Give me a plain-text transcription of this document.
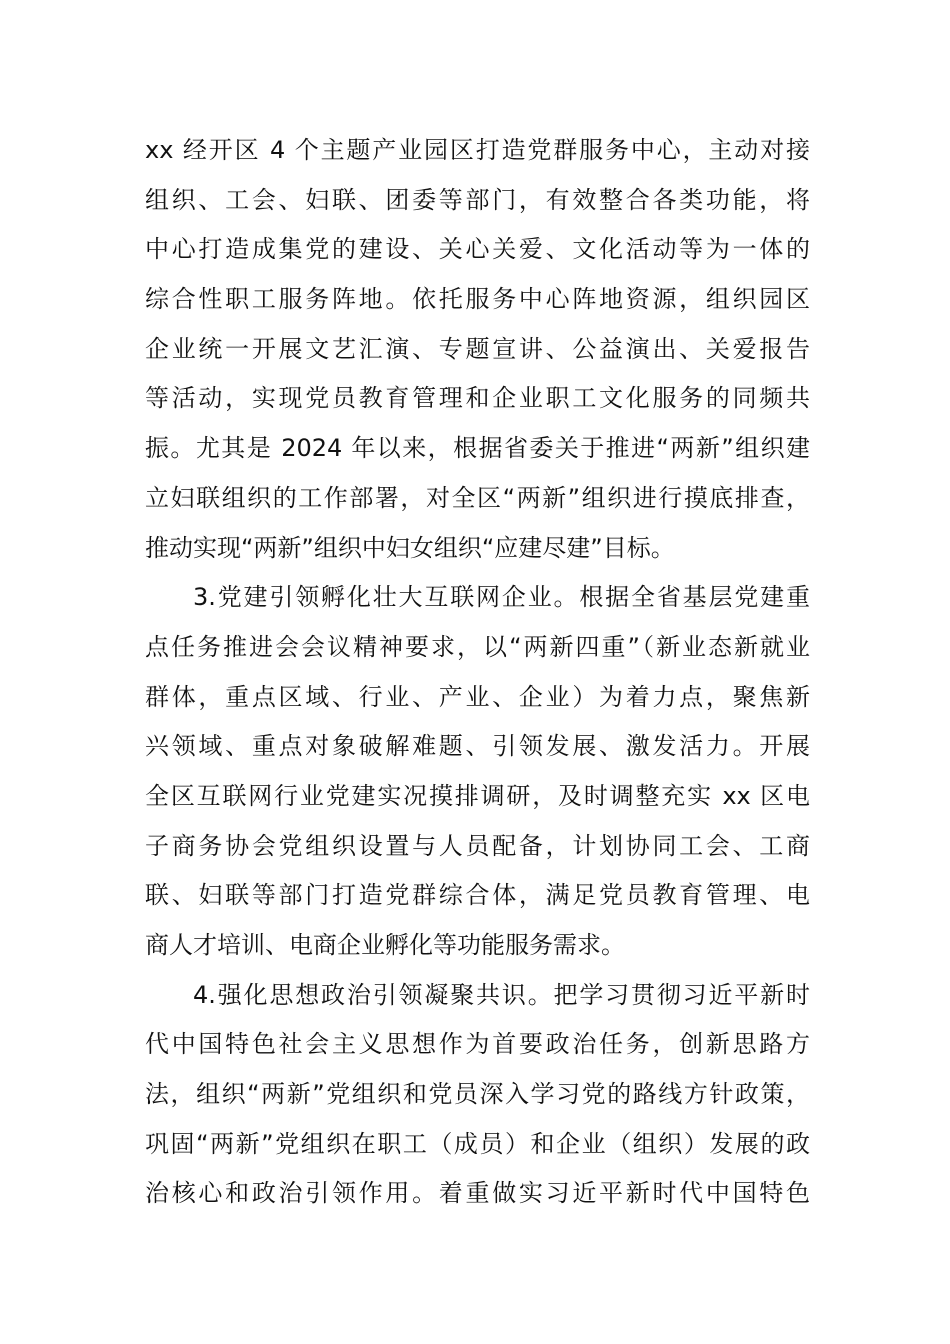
xx 经开区 4 个主题产业园区打造党群服务中心，主动对接
组织、工会、妇联、团委等部门，有效整合各类功能，将
中心打造成集党的建设、关心关爱、文化活动等为一体的
综合性职工服务阵地。依托服务中心阵地资源，组织园区
企业统一开展文艺汇演、专题宣讲、公益演出、关爱报告
等活动，实现党员教育管理和企业职工文化服务的同频共
振。尤其是 2024 年以来，根据省委关于推进“两新”组织建
立妇联组织的工作部署，对全区“两新”组织进行摸底排查，
推动实现“两新”组织中妇女组织“应建尽建”目标。
3.党建引领孵化壮大互联网企业。根据全省基层党建重
点任务推进会会议精神要求，以“两新四重”（新业态新就业
群体，重点区域、行业、产业、企业）为着力点，聚焦新
兴领域、重点对象破解难题、引领发展、激发活力。开展
全区互联网行业党建实况摸排调研，及时调整充实 xx 区电
子商务协会党组织设置与人员配备，计划协同工会、工商
联、妇联等部门打造党群综合体，满足党员教育管理、电
商人才培训、电商企业孵化等功能服务需求。
4.强化思想政治引领凝聚共识。把学习贯彻习近平新时
代中国特色社会主义思想作为首要政治任务，创新思路方
法，组织“两新”党组织和党员深入学习党的路线方针政策，
巩固“两新”党组织在职工（成员）和企业（组织）发展的政
治核心和政治引领作用。着重做实习近平新时代中国特色
